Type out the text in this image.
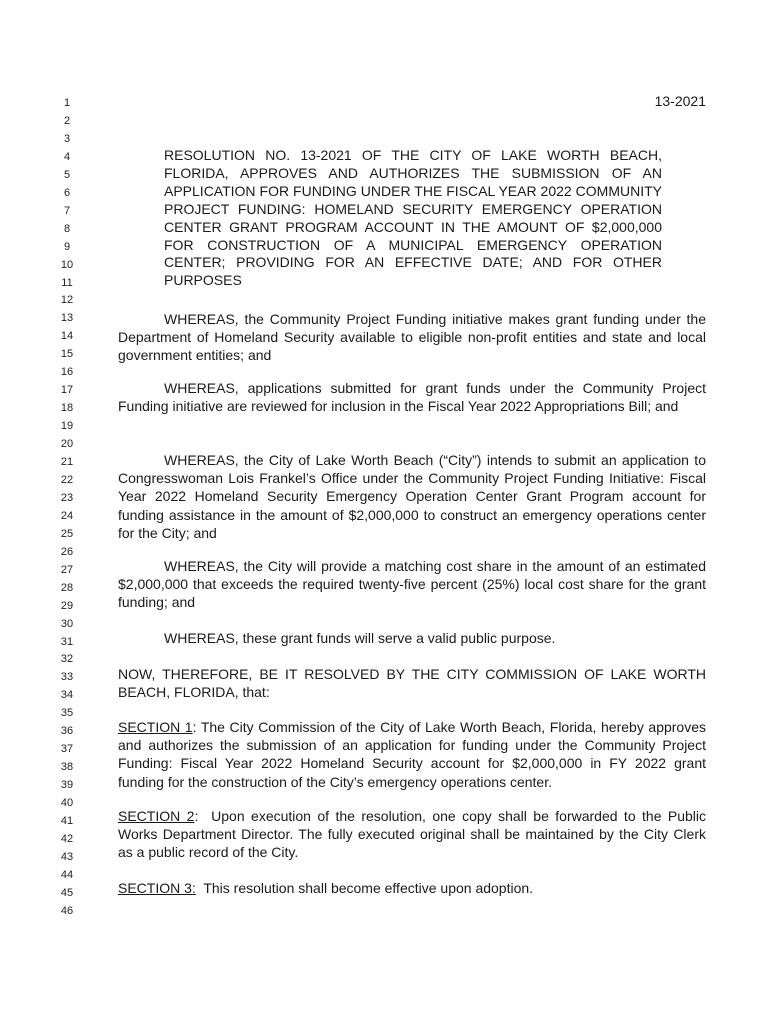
1
2
3
4
5
6
7
8
9
10
11
12
13
14
15
16
17
18
19
20
21
22
23
24
25
26
27
28
29
30
31
32
33
34
35
36
37
38
39
40
41
42
43
44
45
46
13-2021
RESOLUTION NO. 13-2021 OF THE CITY OF LAKE WORTH BEACH, FLORIDA, APPROVES AND AUTHORIZES THE SUBMISSION OF AN APPLICATION FOR FUNDING UNDER THE FISCAL YEAR 2022 COMMUNITY PROJECT FUNDING: HOMELAND SECURITY EMERGENCY OPERATION CENTER GRANT PROGRAM ACCOUNT IN THE AMOUNT OF $2,000,000 FOR CONSTRUCTION OF A MUNICIPAL EMERGENCY OPERATION CENTER; PROVIDING FOR AN EFFECTIVE DATE; AND FOR OTHER PURPOSES
WHEREAS, the Community Project Funding initiative makes grant funding under the Department of Homeland Security available to eligible non-profit entities and state and local government entities; and
WHEREAS, applications submitted for grant funds under the Community Project Funding initiative are reviewed for inclusion in the Fiscal Year 2022 Appropriations Bill; and
WHEREAS, the City of Lake Worth Beach (“City”) intends to submit an application to Congresswoman Lois Frankel’s Office under the Community Project Funding Initiative: Fiscal Year 2022 Homeland Security Emergency Operation Center Grant Program account for funding assistance in the amount of $2,000,000 to construct an emergency operations center for the City; and
WHEREAS, the City will provide a matching cost share in the amount of an estimated $2,000,000 that exceeds the required twenty-five percent (25%) local cost share for the grant funding; and
WHEREAS, these grant funds will serve a valid public purpose.
NOW, THEREFORE, BE IT RESOLVED BY THE CITY COMMISSION OF LAKE WORTH BEACH, FLORIDA, that:
SECTION 1: The City Commission of the City of Lake Worth Beach, Florida, hereby approves and authorizes the submission of an application for funding under the Community Project Funding: Fiscal Year 2022 Homeland Security account for $2,000,000 in FY 2022 grant funding for the construction of the City’s emergency operations center.
SECTION 2:  Upon execution of the resolution, one copy shall be forwarded to the Public Works Department Director. The fully executed original shall be maintained by the City Clerk as a public record of the City.
SECTION 3: This resolution shall become effective upon adoption.
